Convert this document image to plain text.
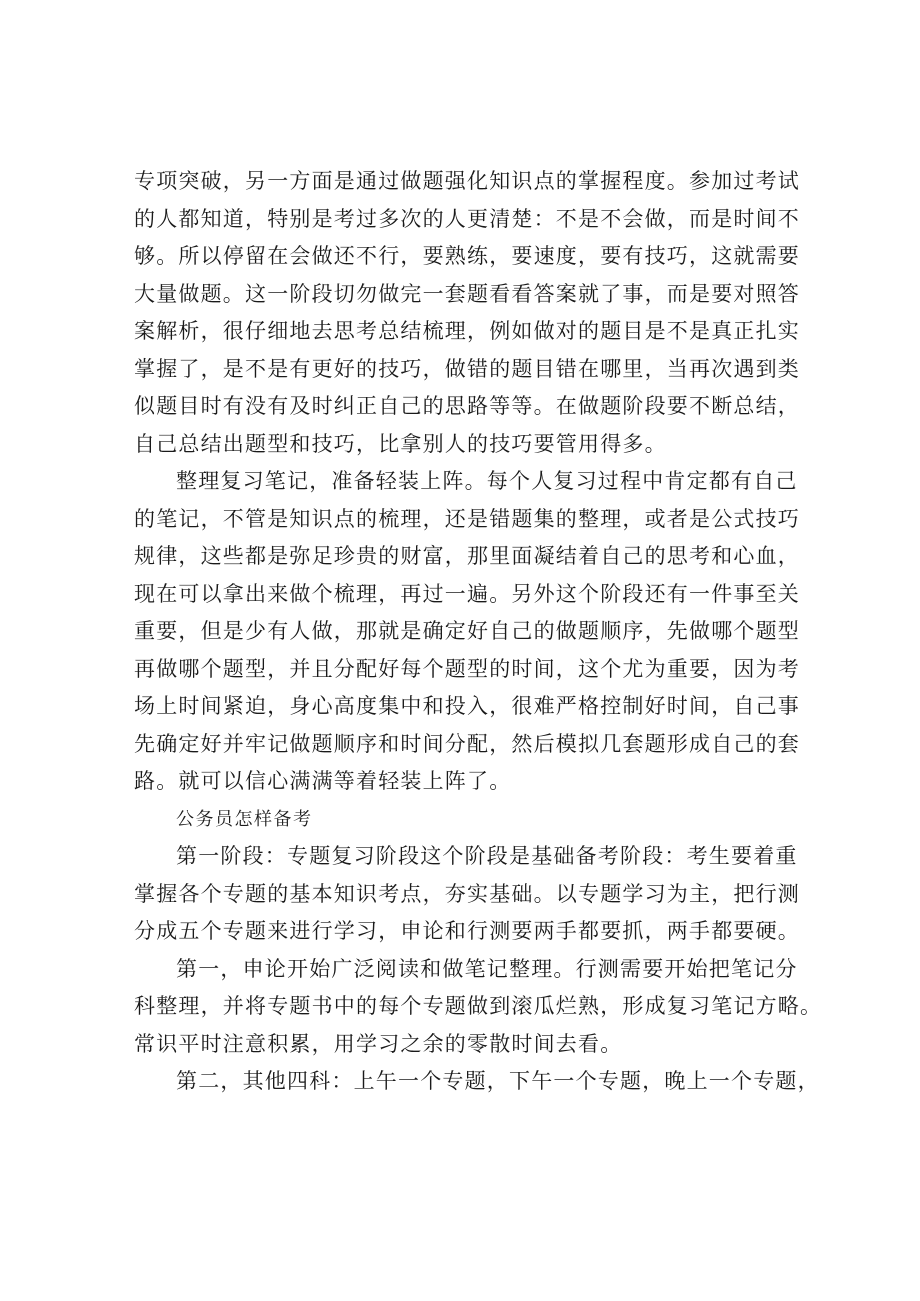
专项突破，另一方面是通过做题强化知识点的掌握程度。参加过考试
的人都知道，特别是考过多次的人更清楚：不是不会做，而是时间不
够。所以停留在会做还不行，要熟练，要速度，要有技巧，这就需要
大量做题。这一阶段切勿做完一套题看看答案就了事，而是要对照答
案解析，很仔细地去思考总结梳理，例如做对的题目是不是真正扎实
掌握了，是不是有更好的技巧，做错的题目错在哪里，当再次遇到类
似题目时有没有及时纠正自己的思路等等。在做题阶段要不断总结，
自己总结出题型和技巧，比拿别人的技巧要管用得多。
整理复习笔记，准备轻装上阵。每个人复习过程中肯定都有自己
的笔记，不管是知识点的梳理，还是错题集的整理，或者是公式技巧
规律，这些都是弥足珍贵的财富，那里面凝结着自己的思考和心血，
现在可以拿出来做个梳理，再过一遍。另外这个阶段还有一件事至关
重要，但是少有人做，那就是确定好自己的做题顺序，先做哪个题型
再做哪个题型，并且分配好每个题型的时间，这个尤为重要，因为考
场上时间紧迫，身心高度集中和投入，很难严格控制好时间，自己事
先确定好并牢记做题顺序和时间分配，然后模拟几套题形成自己的套
路。就可以信心满满等着轻装上阵了。
公务员怎样备考
第一阶段：专题复习阶段这个阶段是基础备考阶段：考生要着重
掌握各个专题的基本知识考点，夯实基础。以专题学习为主，把行测
分成五个专题来进行学习，申论和行测要两手都要抓，两手都要硬。
第一，申论开始广泛阅读和做笔记整理。行测需要开始把笔记分
科整理，并将专题书中的每个专题做到滚瓜烂熟，形成复习笔记方略。
常识平时注意积累，用学习之余的零散时间去看。
第二，其他四科：上午一个专题，下午一个专题，晚上一个专题，
